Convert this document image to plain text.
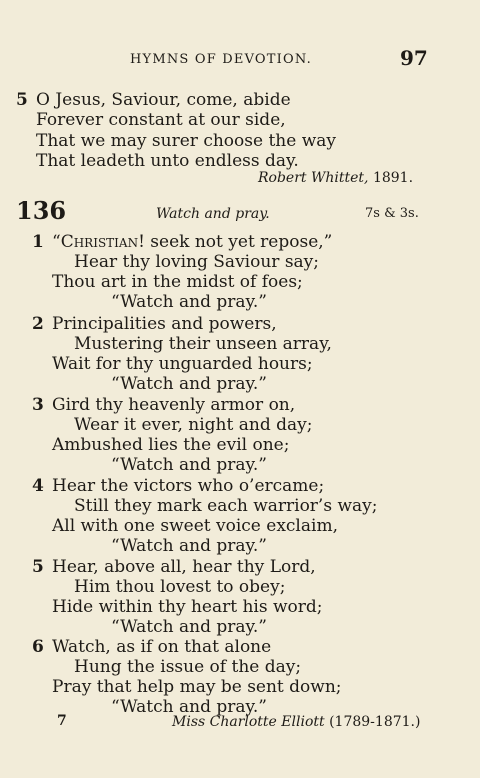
HYMNS OF DEVOTION.	97
5 O Jesus, Saviour, come, abide
Forever constant at our side,
That we may surer choose the way
That leadeth unto endless day.
Robert Whittet, 1891.
136	Watch and pray.	7s & 3s.
1 “Christian! seek not yet repose,”
Hear thy loving Saviour say;
Thou art in the midst of foes;
“Watch and pray.”
2 Principalities and powers,
Mustering their unseen array,
Wait for thy unguarded hours;
“Watch and pray.”
3 Gird thy heavenly armor on,
Wear it ever, night and day;
Ambushed lies the evil one;
“Watch and pray.”
4 Hear the victors who o’ercame;
Still they mark each warrior’s way;
All with one sweet voice exclaim,
“Watch and pray.”
5 Hear, above all, hear thy Lord,
Him thou lovest to obey;
Hide within thy heart his word;
“Watch and pray.”
6 Watch, as if on that alone
Hung the issue of the day;
Pray that help may be sent down;
“Watch and pray.”
7	Miss Charlotte Elliott (1789-1871.)
